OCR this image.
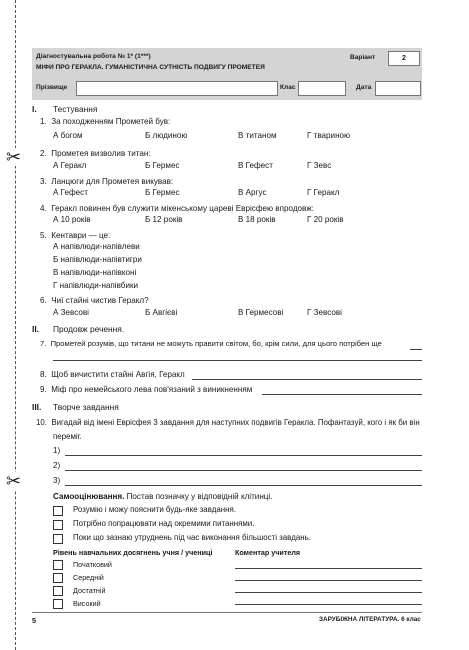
✂
✂
Діагностувальна робота № 1* (1***)
МІФИ ПРО ГЕРАКЛА. ГУМАНІСТИЧНА СУТНІСТЬ ПОДВИГУ ПРОМЕТЕЯ
Варіант	2
Прізвище	Клас	Дата
I. Тестування
1. За походженням Прометей був:
А богом	Б людиною	В титаном	Г твариною
2. Прометея визволив титан:
А Геракл	Б Гермес	В Гефест	Г Зевс
3. Ланцюги для Прометея викував:
А Гефест	Б Гермес	В Аргус	Г Геракл
4. Геракл повинен був служити мікенському цареві Еврісфею впродовж:
А 10 років	Б 12 років	В 18 років	Г 20 років
5. Кентаври — це:
А напівлюди-напівлеви
Б напівлюди-напівтигри
В напівлюди-напівконі
Г напівлюди-напівбики
6. Чиї стайні чистив Геракл?
А Зевсові	Б Авгієві	В Гермесові	Г Зевсові
II. Продовж речення.
7. Прометей розумів, що титани не можуть правити світом, бо, крім сили, для цього потрібен ще
8. Щоб вичистити стайні Авгія, Геракл
9. Міф про немейського лева пов'язаний з виникненням
III. Творче завдання
10. Вигадай від імені Еврісфея 3 завдання для наступних подвигів Геракла. Пофантазуй, кого і як би він
переміг.
1)
2)
3)
Самооцінювання. Постав позначку у відповідній клітинці.
Розумію і можу пояснити будь-яке завдання.
Потрібно попрацювати над окремими питаннями.
Поки що зазнаю утруднень під час виконання більшості завдань.
Рівень навчальних досягнень учня / учениці	Коментар учителя
Початковий
Середній
Достатній
Високий
5	ЗАРУБІЖНА ЛІТЕРАТУРА. 6 клас
